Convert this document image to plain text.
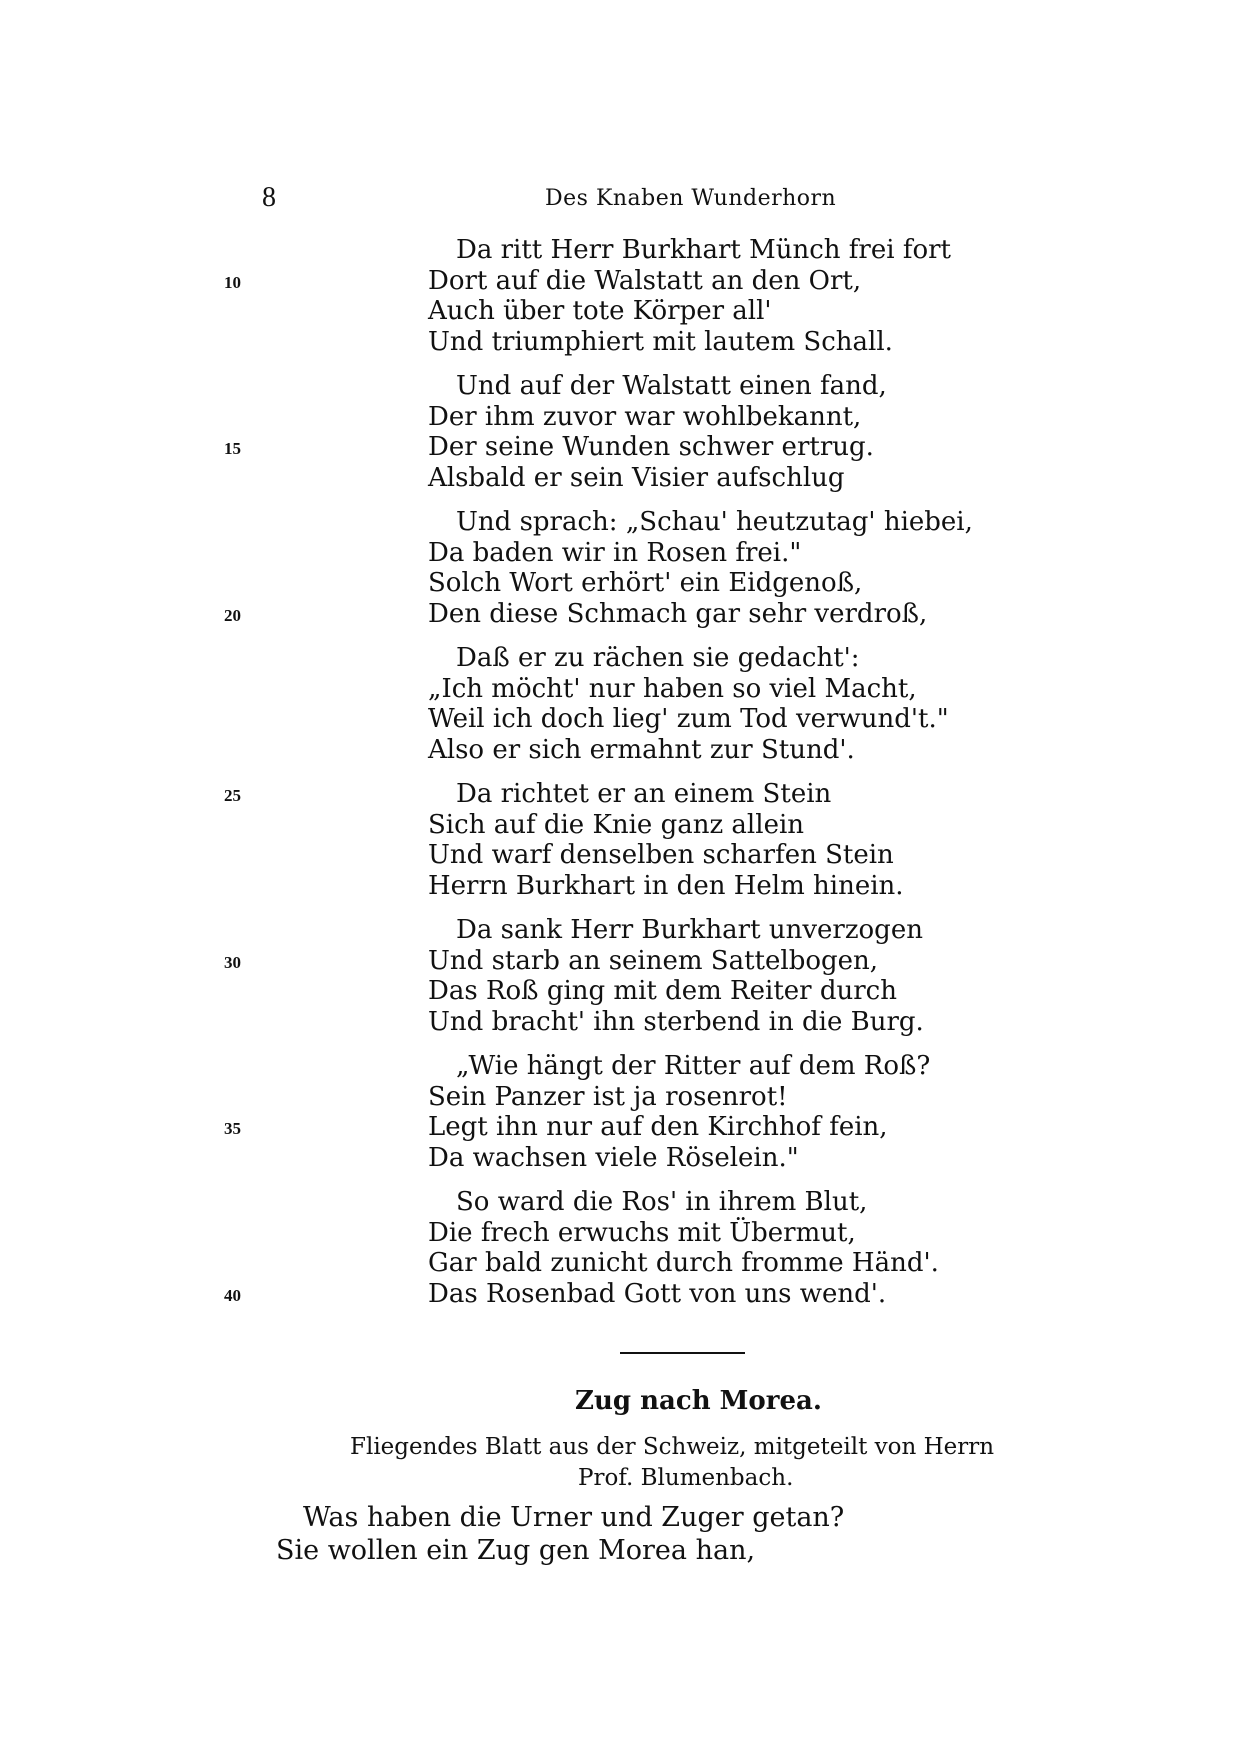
8	Des Knaben Wunderhorn
Da ritt Herr Burkhart Münch frei fort
Dort auf die Walstatt an den Ort,
10
Auch über tote Körper all'
Und triumphiert mit lautem Schall.
Und auf der Walstatt einen fand,
Der ihm zuvor war wohlbekannt,
Der seine Wunden schwer ertrug.
15
Alsbald er sein Visier aufschlug
Und sprach: „Schau' heutzutag' hiebei,
Da baden wir in Rosen frei."
Solch Wort erhört' ein Eidgenoß,
Den diese Schmach gar sehr verdroß,
20
Daß er zu rächen sie gedacht':
„Ich möcht' nur haben so viel Macht,
Weil ich doch lieg' zum Tod verwund't."
Also er sich ermahnt zur Stund'.
Da richtet er an einem Stein
25
Sich auf die Knie ganz allein
Und warf denselben scharfen Stein
Herrn Burkhart in den Helm hinein.
Da sank Herr Burkhart unverzogen
Und starb an seinem Sattelbogen,
30
Das Roß ging mit dem Reiter durch
Und bracht' ihn sterbend in die Burg.
„Wie hängt der Ritter auf dem Roß?
Sein Panzer ist ja rosenrot!
Legt ihn nur auf den Kirchhof fein,
35
Da wachsen viele Röselein."
So ward die Ros' in ihrem Blut,
Die frech erwuchs mit Übermut,
Gar bald zunicht durch fromme Händ'.
Das Rosenbad Gott von uns wend'.
40
Zug nach Morea.
Fliegendes Blatt aus der Schweiz, mitgeteilt von Herrn
Prof. Blumenbach.
Was haben die Urner und Zuger getan?
Sie wollen ein Zug gen Morea han,
